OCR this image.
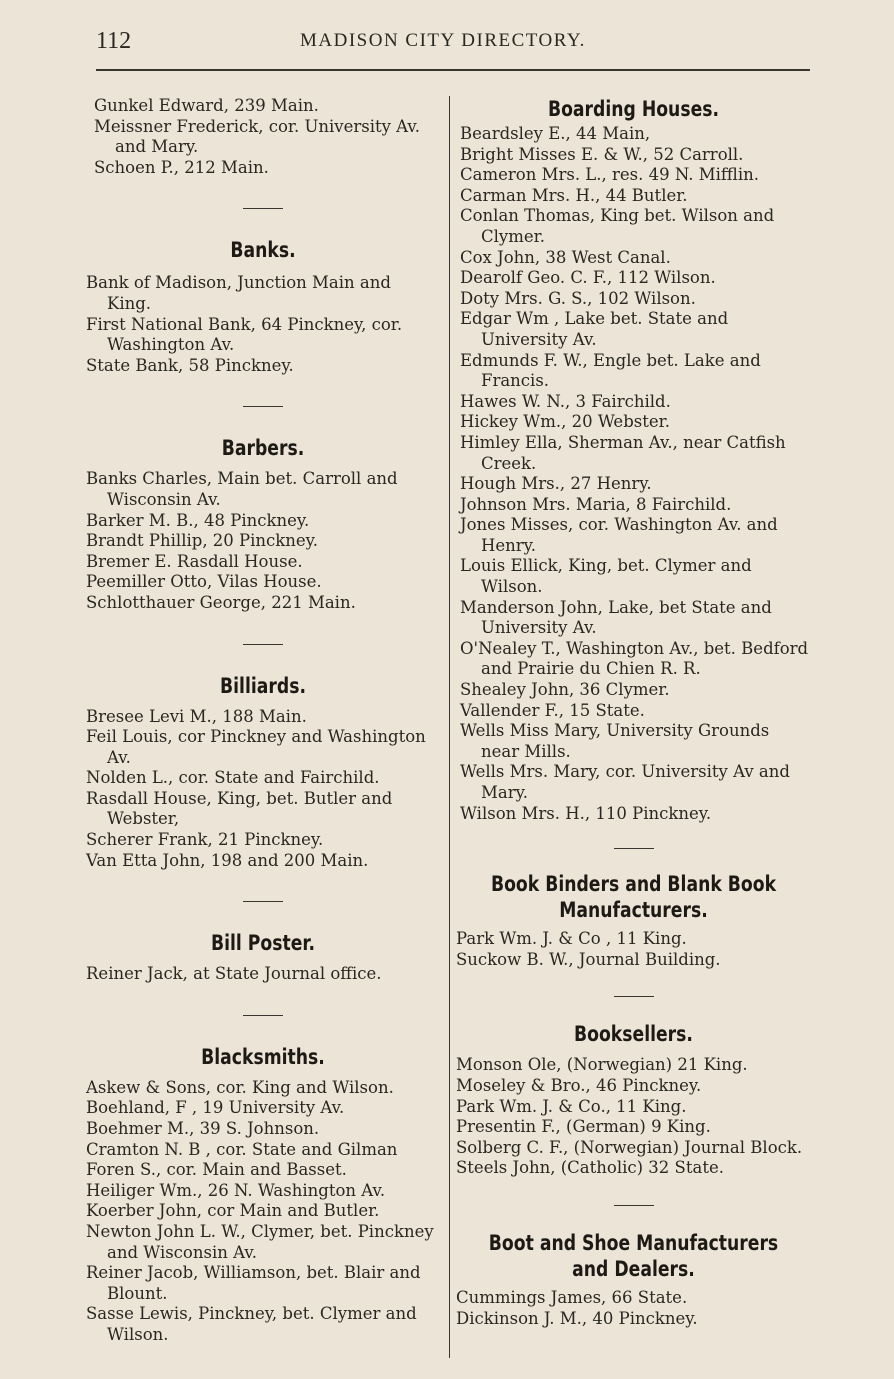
112	MADISON CITY DIRECTORY.

Gunkel Edward, 239 Main.

Meissner Frederick, cor. University Av. and Mary.

Schoen P., 212 Main.

Banks.

Bank of Madison, Junction Main and King.

First National Bank, 64 Pinckney, cor. Washington Av.

State Bank, 58 Pinckney.

Barbers.

Banks Charles, Main bet. Carroll and Wisconsin Av.

Barker M. B., 48 Pinckney.

Brandt Phillip, 20 Pinckney.

Bremer E. Rasdall House.

Peemiller Otto, Vilas House.

Schlotthauer George, 221 Main.

Billiards.

Bresee Levi M., 188 Main.

Feil Louis, cor Pinckney and Washington Av.

Nolden L., cor. State and Fairchild.

Rasdall House, King, bet. Butler and Webster,

Scherer Frank, 21 Pinckney.

Van Etta John, 198 and 200 Main.

Bill Poster.

Reiner Jack, at State Journal office.

Blacksmiths.

Askew & Sons, cor. King and Wilson.

Boehland, F , 19 University Av.

Boehmer M., 39 S. Johnson.

Cramton N. B , cor. State and Gilman

Foren S., cor. Main and Basset.

Heiliger Wm., 26 N. Washington Av.

Koerber John, cor Main and Butler.

Newton John L. W., Clymer, bet. Pinckney and Wisconsin Av.

Reiner Jacob, Williamson, bet. Blair and Blount.

Sasse Lewis, Pinckney, bet. Clymer and Wilson.

Boarding Houses.

Beardsley E., 44 Main,

Bright Misses E. & W., 52 Carroll.

Cameron Mrs. L., res. 49 N. Mifflin.

Carman Mrs. H., 44 Butler.

Conlan Thomas, King bet. Wilson and Clymer.

Cox John, 38 West Canal.

Dearolf Geo. C. F., 112 Wilson.

Doty Mrs. G. S., 102 Wilson.

Edgar Wm , Lake bet. State and University Av.

Edmunds F. W., Engle bet. Lake and Francis.

Hawes W. N., 3 Fairchild.

Hickey Wm., 20 Webster.

Himley Ella, Sherman Av., near Catfish Creek.

Hough Mrs., 27 Henry.

Johnson Mrs. Maria, 8 Fairchild.

Jones Misses, cor. Washington Av. and Henry.

Louis Ellick, King, bet. Clymer and Wilson.

Manderson John, Lake, bet State and University Av.

O'Nealey T., Washington Av., bet. Bedford and Prairie du Chien R. R.

Shealey John, 36 Clymer.

Vallender F., 15 State.

Wells Miss Mary, University Grounds near Mills.

Wells Mrs. Mary, cor. University Av and Mary.

Wilson Mrs. H., 110 Pinckney.

Book Binders and Blank Book Manufacturers.

Park Wm. J. & Co , 11 King.

Suckow B. W., Journal Building.

Booksellers.

Monson Ole, (Norwegian) 21 King.

Moseley & Bro., 46 Pinckney.

Park Wm. J. & Co., 11 King.

Presentin F., (German) 9 King.

Solberg C. F., (Norwegian) Journal Block.

Steels John, (Catholic) 32 State.

Boot and Shoe Manufacturers and Dealers.

Cummings James, 66 State.

Dickinson J. M., 40 Pinckney.
